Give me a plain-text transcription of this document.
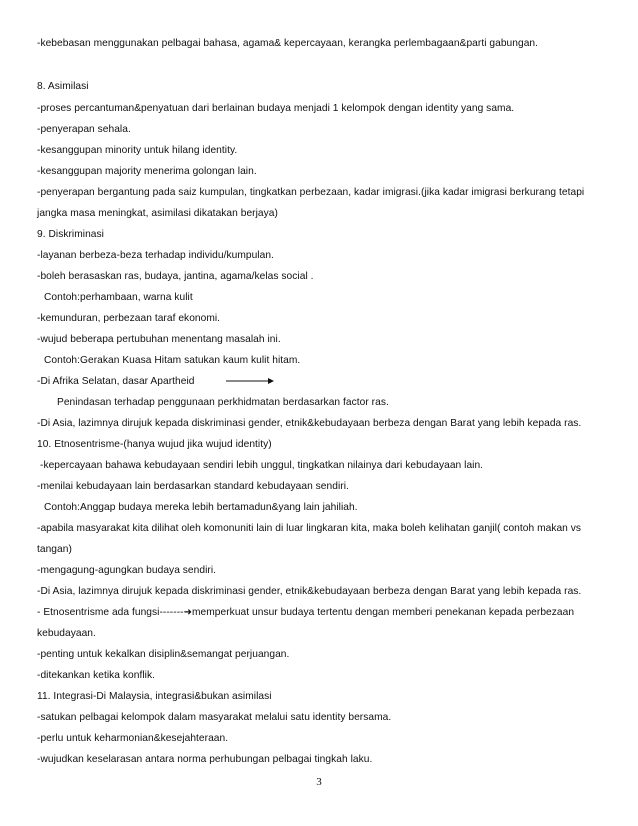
-kebebasan menggunakan pelbagai bahasa, agama& kepercayaan, kerangka perlembagaan&parti gabungan.
8. Asimilasi
-proses percantuman&penyatuan dari berlainan budaya menjadi 1 kelompok dengan identity yang sama.
-penyerapan sehala.
-kesanggupan minority untuk hilang identity.
-kesanggupan majority menerima golongan lain.
-penyerapan bergantung pada saiz kumpulan, tingkatkan perbezaan, kadar imigrasi.(jika kadar imigrasi berkurang tetapi
jangka masa meningkat, asimilasi dikatakan berjaya)
9. Diskriminasi
-layanan berbeza-beza terhadap individu/kumpulan.
-boleh berasaskan ras, budaya, jantina, agama/kelas social .
Contoh:perhambaan, warna kulit
-kemunduran, perbezaan taraf ekonomi.
-wujud beberapa pertubuhan menentang masalah ini.
Contoh:Gerakan Kuasa Hitam satukan kaum kulit hitam.
-Di Afrika Selatan, dasar Apartheid
Penindasan terhadap penggunaan perkhidmatan berdasarkan factor ras.
-Di Asia, lazimnya dirujuk kepada diskriminasi gender, etnik&kebudayaan berbeza dengan Barat yang lebih kepada ras.
10. Etnosentrisme-(hanya wujud jika wujud identity)
-kepercayaan bahawa kebudayaan sendiri lebih unggul, tingkatkan nilainya dari kebudayaan lain.
-menilai kebudayaan lain berdasarkan standard kebudayaan sendiri.
Contoh:Anggap budaya mereka lebih bertamadun&yang lain jahiliah.
-apabila masyarakat kita dilihat oleh komonuniti lain di luar lingkaran kita, maka boleh kelihatan ganjil( contoh makan vs
tangan)
-mengagung-agungkan budaya sendiri.
-Di Asia, lazimnya dirujuk kepada diskriminasi gender, etnik&kebudayaan berbeza dengan Barat yang lebih kepada ras.
- Etnosentrisme ada fungsi-------➜memperkuat unsur budaya tertentu dengan memberi penekanan kepada perbezaan
kebudayaan.
-penting untuk kekalkan disiplin&semangat perjuangan.
-ditekankan ketika konflik.
11. Integrasi-Di Malaysia, integrasi&bukan asimilasi
-satukan pelbagai kelompok dalam masyarakat melalui satu identity bersama.
-perlu untuk keharmonian&kesejahteraan.
-wujudkan keselarasan antara norma perhubungan pelbagai tingkah laku.
3
